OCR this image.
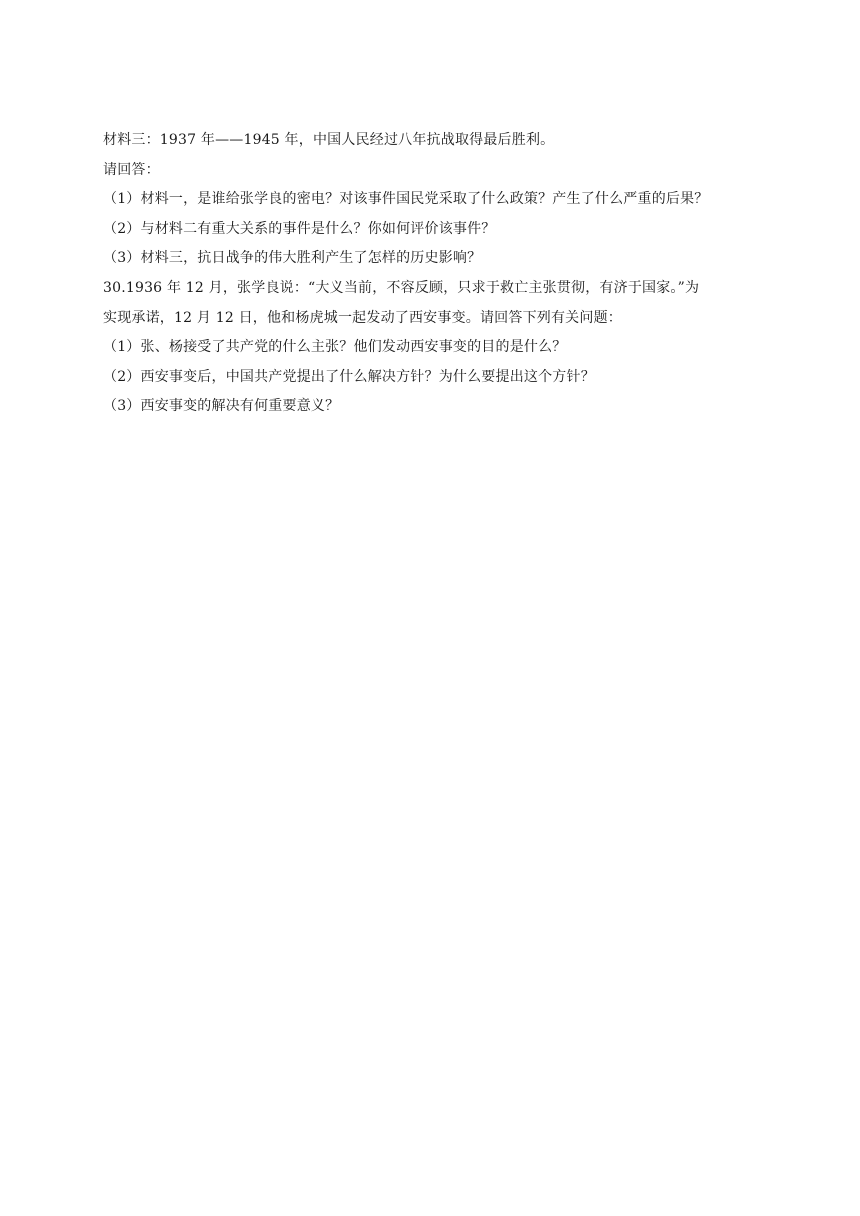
材料三：1937 年——1945 年，中国人民经过八年抗战取得最后胜利。
请回答：
（1）材料一，是谁给张学良的密电？对该事件国民党采取了什么政策？产生了什么严重的后果？
（2）与材料二有重大关系的事件是什么？你如何评价该事件？
（3）材料三，抗日战争的伟大胜利产生了怎样的历史影响？
30.1936 年 12 月，张学良说：“大义当前，不容反顾，只求于救亡主张贯彻，有济于国家。”为
实现承诺，12 月 12 日，他和杨虎城一起发动了西安事变。请回答下列有关问题：
（1）张、杨接受了共产党的什么主张？他们发动西安事变的目的是什么？
（2）西安事变后，中国共产党提出了什么解决方针？为什么要提出这个方针？
（3）西安事变的解决有何重要意义？
